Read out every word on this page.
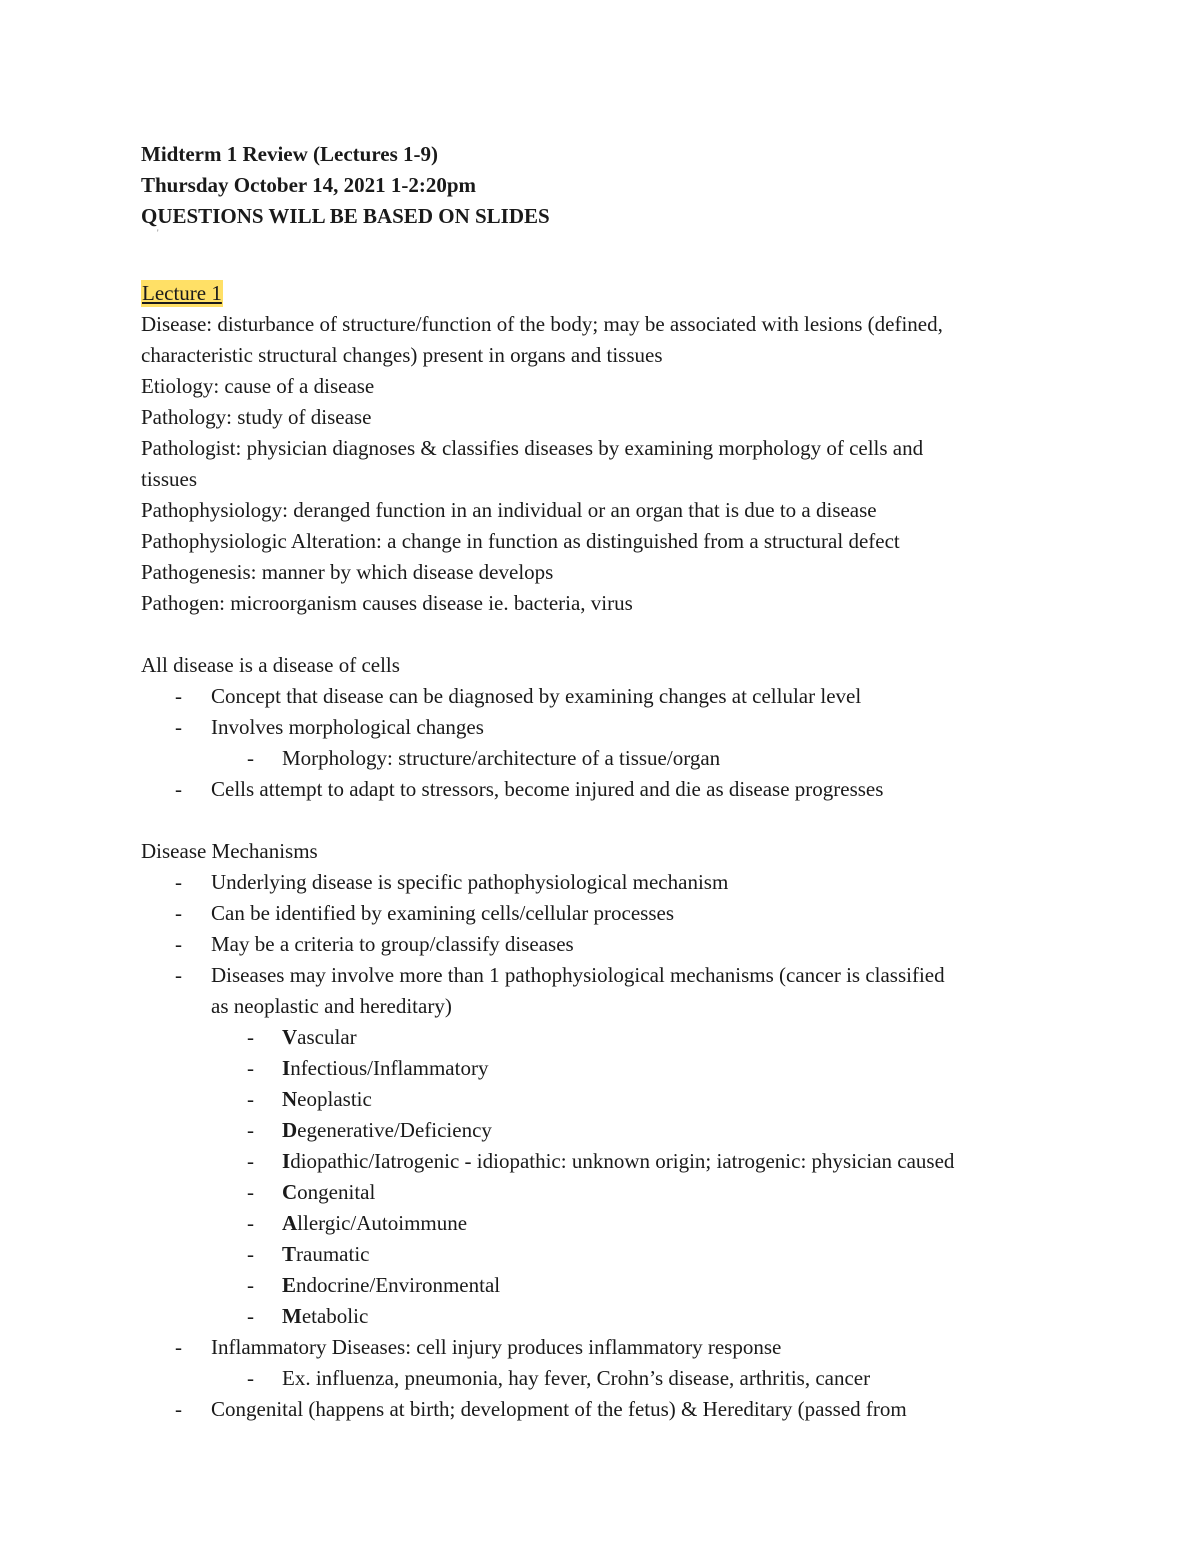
Midterm 1 Review (Lectures 1-9)
Thursday October 14, 2021 1-2:20pm
QUESTIONS WILL BE BASED ON SLIDES
'
Lecture 1
Disease: disturbance of structure/function of the body; may be associated with lesions (defined,
characteristic structural changes) present in organs and tissues
Etiology: cause of a disease
Pathology: study of disease
Pathologist: physician diagnoses & classifies diseases by examining morphology of cells and
tissues
Pathophysiology: deranged function in an individual or an organ that is due to a disease
Pathophysiologic Alteration: a change in function as distinguished from a structural defect
Pathogenesis: manner by which disease develops
Pathogen: microorganism causes disease ie. bacteria, virus
All disease is a disease of cells
- Concept that disease can be diagnosed by examining changes at cellular level
- Involves morphological changes
- Morphology: structure/architecture of a tissue/organ
- Cells attempt to adapt to stressors, become injured and die as disease progresses
Disease Mechanisms
- Underlying disease is specific pathophysiological mechanism
- Can be identified by examining cells/cellular processes
- May be a criteria to group/classify diseases
- Diseases may involve more than 1 pathophysiological mechanisms (cancer is classified
as neoplastic and hereditary)
- Vascular
- Infectious/Inflammatory
- Neoplastic
- Degenerative/Deficiency
- Idiopathic/Iatrogenic - idiopathic: unknown origin; iatrogenic: physician caused
- Congenital
- Allergic/Autoimmune
- Traumatic
- Endocrine/Environmental
- Metabolic
- Inflammatory Diseases: cell injury produces inflammatory response
- Ex. influenza, pneumonia, hay fever, Crohn’s disease, arthritis, cancer
- Congenital (happens at birth; development of the fetus) & Hereditary (passed from
